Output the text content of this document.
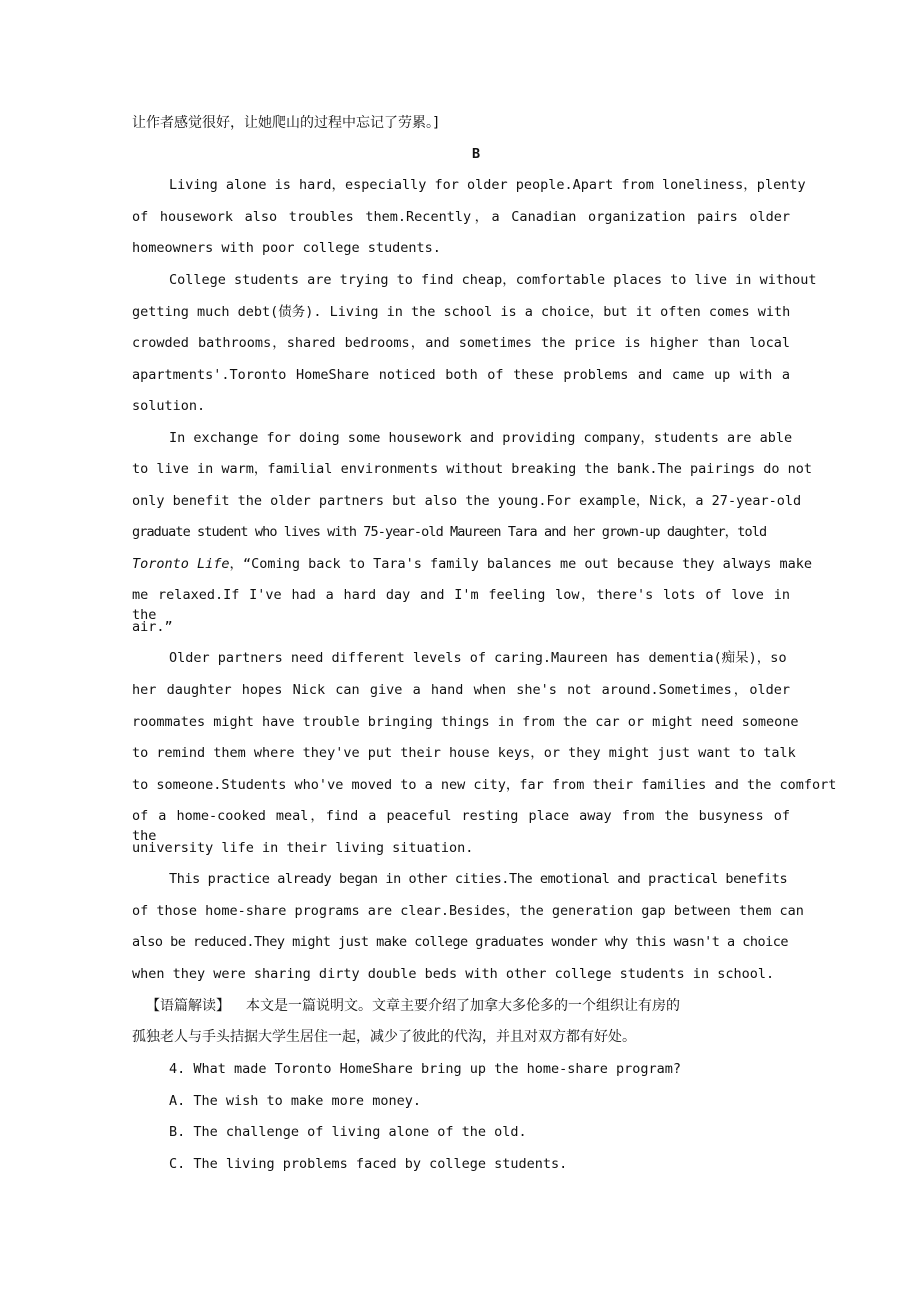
让作者感觉很好，让她爬山的过程中忘记了劳累。]
B
Living alone is hard，especially for older people.Apart from loneliness，plenty
of housework also troubles them.Recently，a Canadian organization pairs older
homeowners with poor college students.
College students are trying to find cheap，comfortable places to live in without
getting much debt(债务). Living in the school is a choice，but it often comes with
crowded bathrooms，shared bedrooms，and sometimes the price is higher than local
apartments'.Toronto HomeShare noticed both of these problems and came up with a
solution.
In exchange for doing some housework and providing company，students are able
to live in warm，familial environments without breaking the bank.The pairings do not
only benefit the older partners but also the young.For example，Nick，a 27-year-old
graduate student who lives with 75-year-old Maureen Tara and her grown-up daughter，told
Toronto Life，“Coming back to Tara's family balances me out because they always make
me relaxed.If I've had a hard day and I'm feeling low，there's lots of love in the
air.”
Older partners need different levels of caring.Maureen has dementia(痴呆)，so
her daughter hopes Nick can give a hand when she's not around.Sometimes，older
roommates might have trouble bringing things in from the car or might need someone
to remind them where they've put their house keys，or they might just want to talk
to someone.Students who've moved to a new city，far from their families and the comfort
of a home-cooked meal，find a peaceful resting place away from the busyness of the
university life in their living situation.
This practice already began in other cities.The emotional and practical benefits
of those home-share programs are clear.Besides，the generation gap between them can
also be reduced.They might just make college graduates wonder why this wasn't a choice
when they were sharing dirty double beds with other college students in school.
【语篇解读】 本文是一篇说明文。文章主要介绍了加拿大多伦多的一个组织让有房的
孤独老人与手头拮据大学生居住一起，减少了彼此的代沟，并且对双方都有好处。
4. What made Toronto HomeShare bring up the home-share program?
A. The wish to make more money.
B. The challenge of living alone of the old.
C. The living problems faced by college students.
